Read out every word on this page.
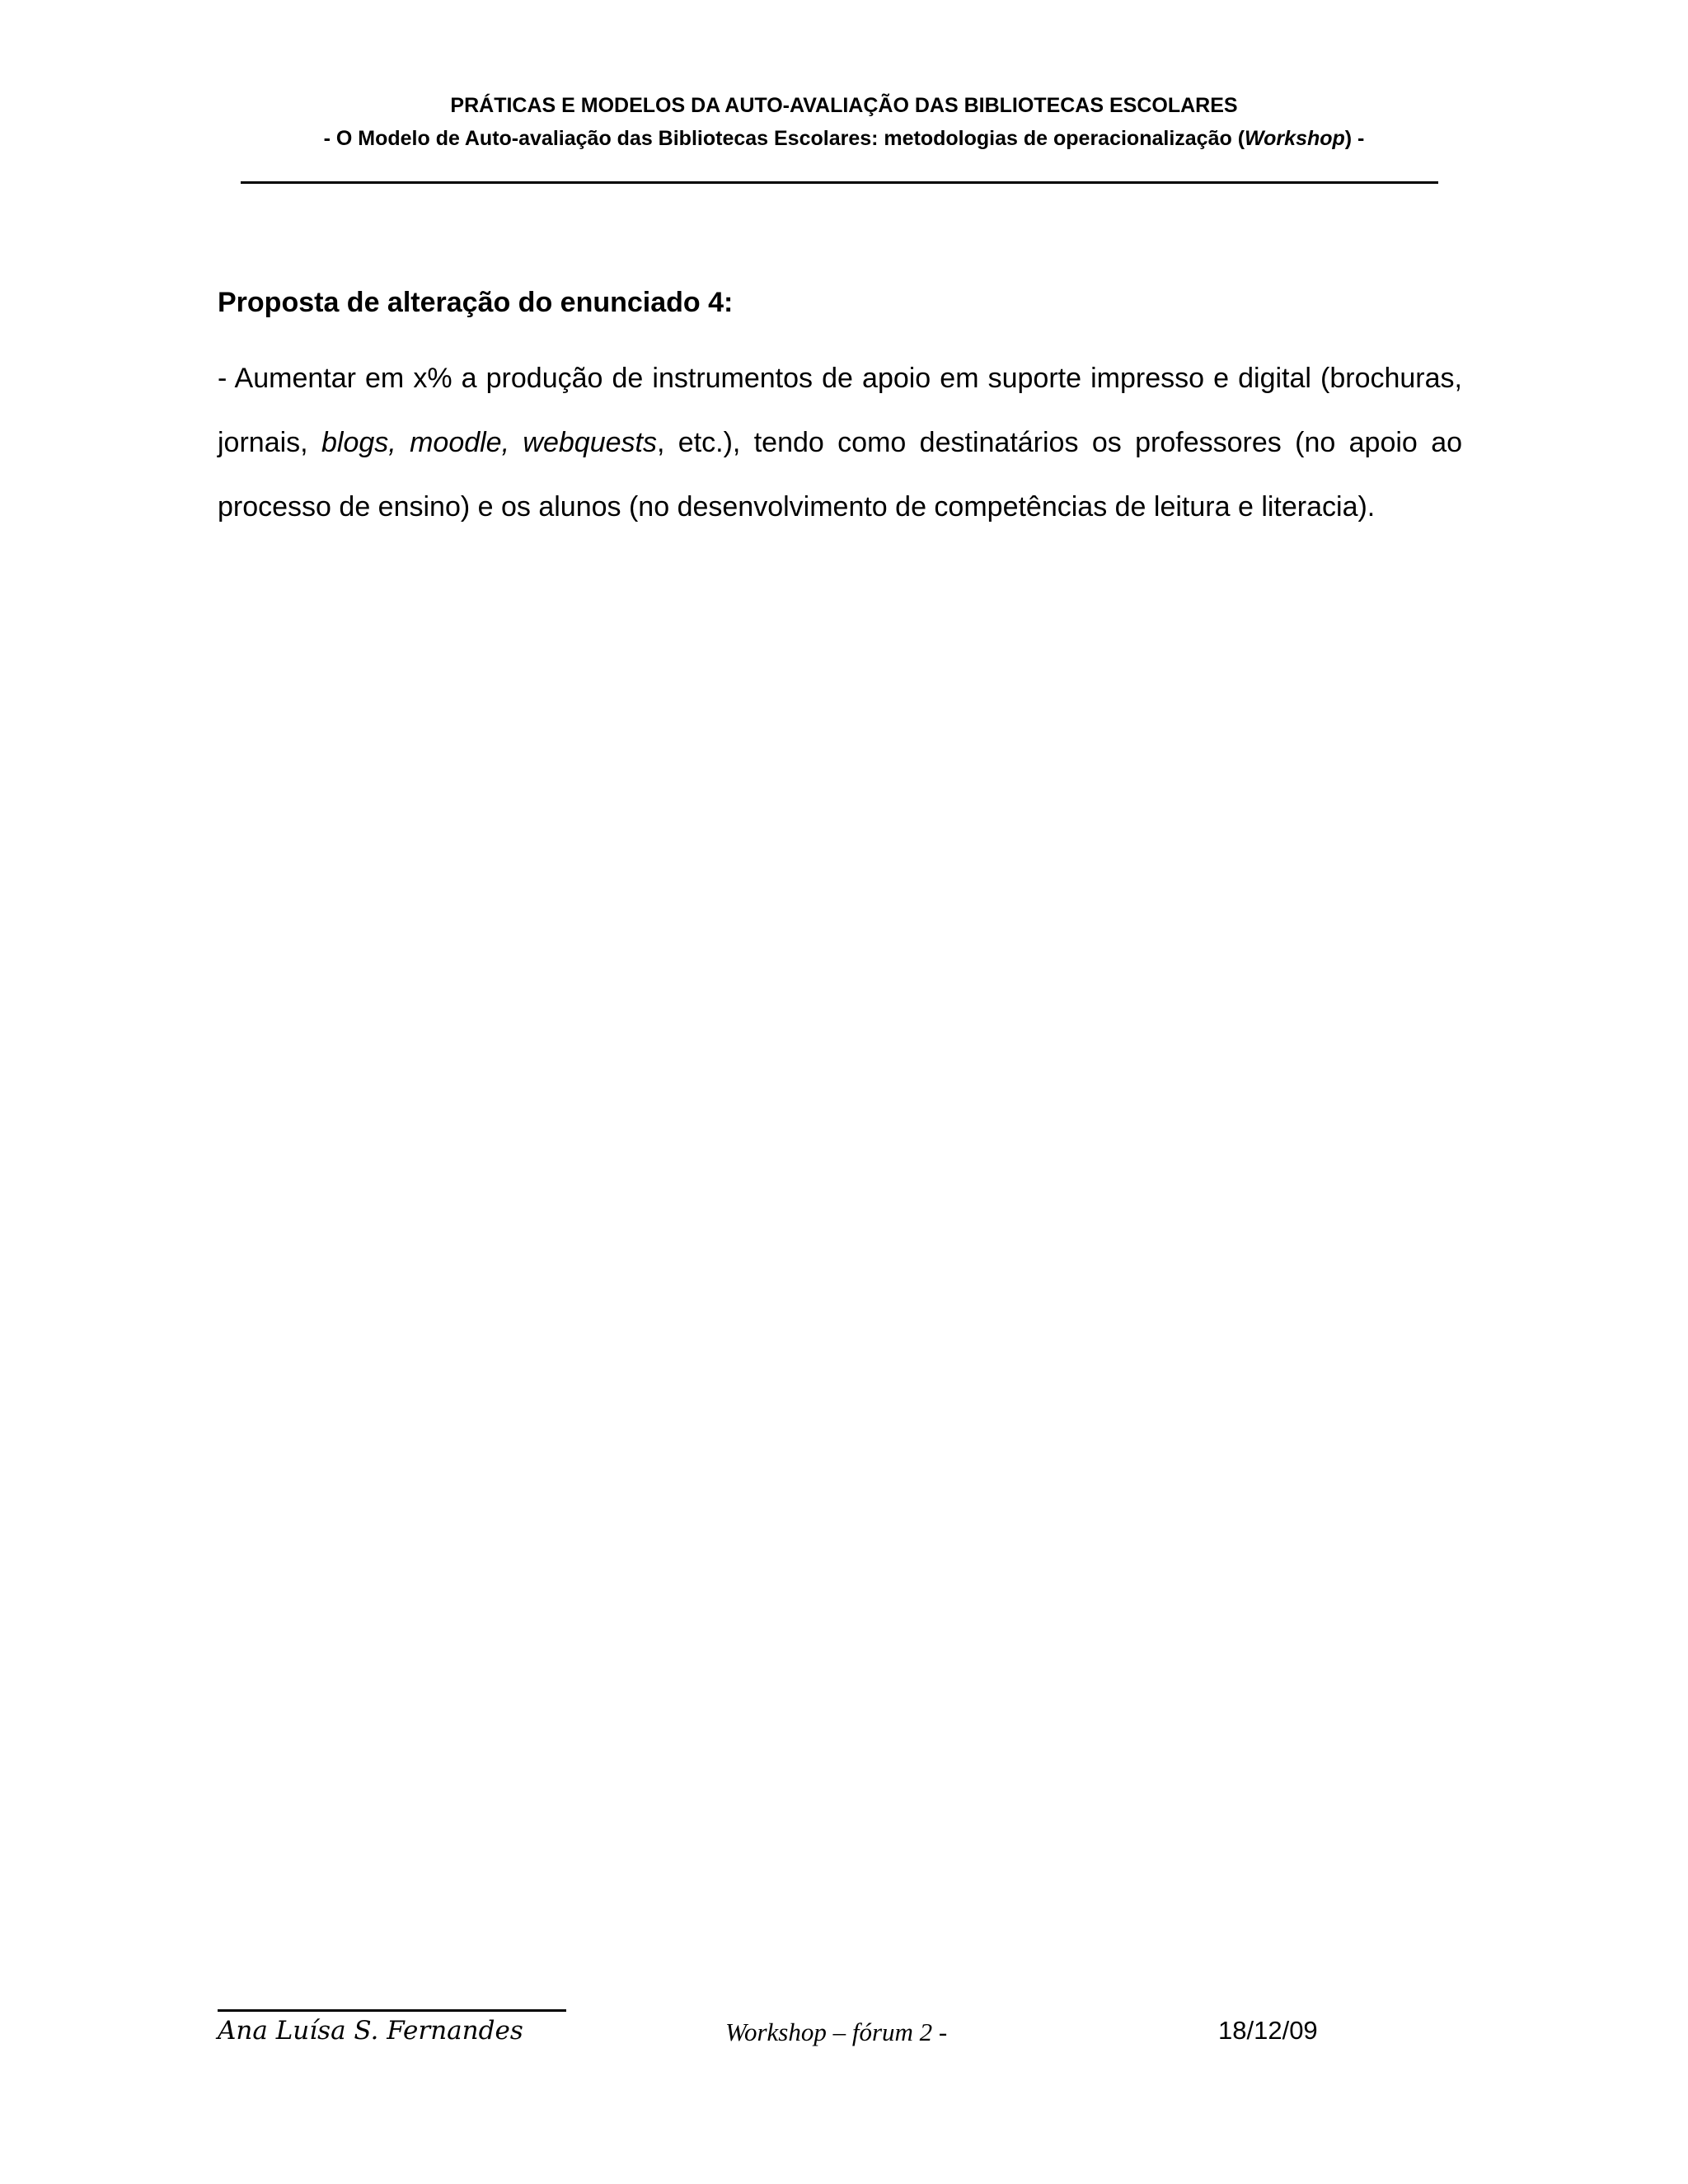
PRÁTICAS E MODELOS DA AUTO-AVALIAÇÃO DAS BIBLIOTECAS ESCOLARES
- O Modelo de Auto-avaliação das Bibliotecas Escolares: metodologias de operacionalização (Workshop) -
Proposta de alteração do enunciado 4:

- Aumentar em x% a produção de instrumentos de apoio em suporte impresso e digital (brochuras, jornais, blogs, moodle, webquests, etc.), tendo como destinatários os professores (no apoio ao processo de ensino) e os alunos (no desenvolvimento de competências de leitura e literacia).

Ana Luísa S. Fernandes	Workshop – fórum 2 -	18/12/09
